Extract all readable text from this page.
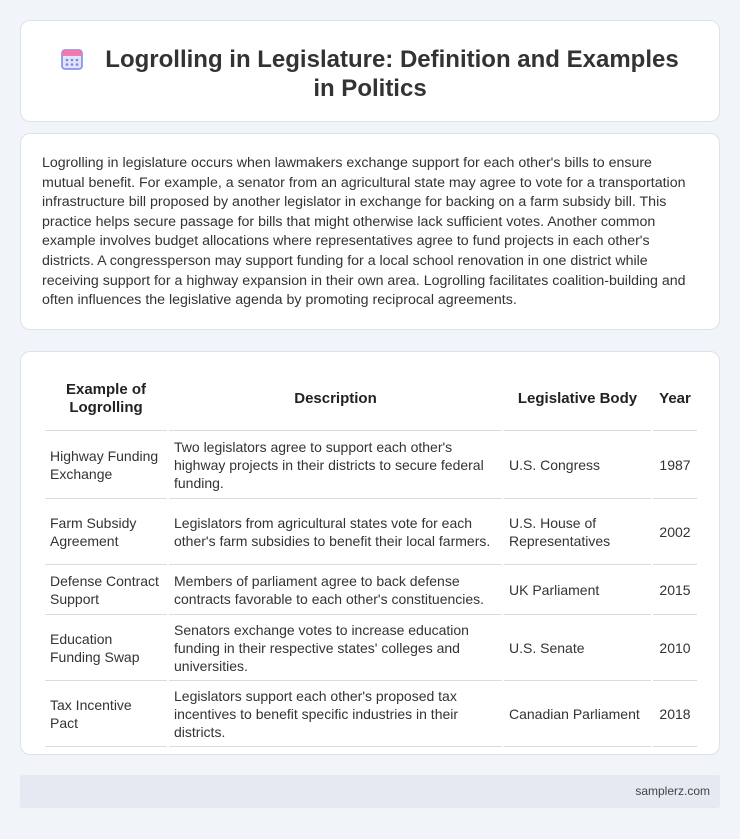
Logrolling in Legislature: Definition and Examples in Politics

Logrolling in legislature occurs when lawmakers exchange support for each other's bills to ensure mutual benefit. For example, a senator from an agricultural state may agree to vote for a transportation infrastructure bill proposed by another legislator in exchange for backing on a farm subsidy bill. This practice helps secure passage for bills that might otherwise lack sufficient votes. Another common example involves budget allocations where representatives agree to fund projects in each other's districts. A congressperson may support funding for a local school renovation in one district while receiving support for a highway expansion in their own area. Logrolling facilitates coalition-building and often influences the legislative agenda by promoting reciprocal agreements.

Example of Logrolling	Description	Legislative Body	Year
Highway Funding Exchange	Two legislators agree to support each other's highway projects in their districts to secure federal funding.	U.S. Congress	1987
Farm Subsidy Agreement	Legislators from agricultural states vote for each other's farm subsidies to benefit their local farmers.	U.S. House of Representatives	2002
Defense Contract Support	Members of parliament agree to back defense contracts favorable to each other's constituencies.	UK Parliament	2015
Education Funding Swap	Senators exchange votes to increase education funding in their respective states' colleges and universities.	U.S. Senate	2010
Tax Incentive Pact	Legislators support each other's proposed tax incentives to benefit specific industries in their districts.	Canadian Parliament	2018
samplerz.com
